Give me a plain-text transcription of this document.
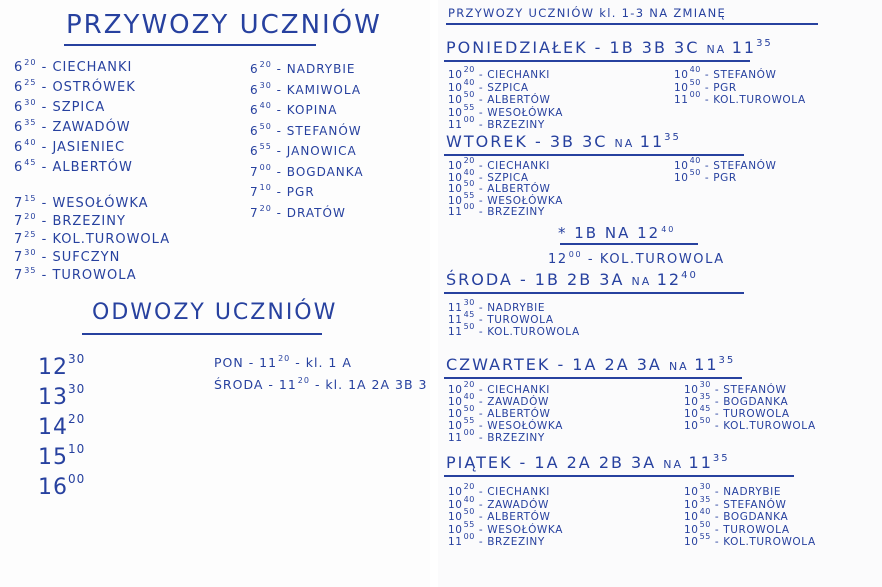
PRZYWOZY UCZNIÓW
$6^{20}$ - CIECHANKI
$6^{25}$ - OSTRÓWEK
$6^{30}$ - SZPICA
$6^{35}$ - ZAWADÓW
$6^{40}$ - JASIENIEC
$6^{45}$ - ALBERTÓW
$7^{15}$ - WESOŁÓWKA
$7^{20}$ - BRZEZINY
$7^{25}$ - KOL.TUROWOLA
$7^{30}$ - SUFCZYN
$7^{35}$ - TUROWOLA
$6^{20}$ - NADRYBIE
$6^{30}$ - KAMIWOLA
$6^{40}$ - KOPINA
$6^{50}$ - STEFANÓW
$6^{55}$ - JANOWICA
$7^{00}$ - BOGDANKA
$7^{10}$ - PGR
$7^{20}$ - DRATÓW
ODWOZY UCZNIÓW
$12^{30}$
$13^{30}$
$14^{20}$
$15^{10}$
$16^{00}$
PON - $11^{20}$ - kl. 1 A
ŚRODA - $11^{20}$ - kl. 1A 2A 3B 3
PRZYWOZY UCZNIÓW kl. 1-3 NA ZMIANĘ
PONIEDZIAŁEK - 1B 3B 3C NA $11^{35}$
$10^{20}$ - CIECHANKI
$10^{40}$ - SZPICA
$10^{50}$ - ALBERTÓW
$10^{55}$ - WESOŁÓWKA
$11^{00}$ - BRZEZINY
$10^{40}$ - STEFANÓW
$10^{50}$ - PGR
$11^{00}$ - KOL.TUROWOLA
WTOREK - 3B 3C NA $11^{35}$
$10^{20}$ - CIECHANKI
$10^{40}$ - SZPICA
$10^{50}$ - ALBERTÓW
$10^{55}$ - WESOŁÓWKA
$11^{00}$ - BRZEZINY
$10^{40}$ - STEFANÓW
$10^{50}$ - PGR
ŚRODA - 1B 2B 3A NA $12^{40}$
$11^{30}$ - NADRYBIE
$11^{45}$ - TUROWOLA
$11^{50}$ - KOL.TUROWOLA
CZWARTEK - 1A 2A 3A NA $11^{35}$
$10^{20}$ - CIECHANKI
$10^{40}$ - ZAWADÓW
$10^{50}$ - ALBERTÓW
$10^{55}$ - WESOŁÓWKA
$11^{00}$ - BRZEZINY
$10^{30}$ - STEFANÓW
$10^{35}$ - BOGDANKA
$10^{45}$ - TUROWOLA
$10^{50}$ - KOL.TUROWOLA
PIĄTEK - 1A 2A 2B 3A NA $11^{35}$
$10^{20}$ - CIECHANKI
$10^{40}$ - ZAWADÓW
$10^{50}$ - ALBERTÓW
$10^{55}$ - WESOŁÓWKA
$11^{00}$ - BRZEZINY
$10^{30}$ - NADRYBIE
$10^{35}$ - STEFANÓW
$10^{40}$ - BOGDANKA
$10^{50}$ - TUROWOLA
$10^{55}$ - KOL.TUROWOLA
* 1B NA $12^{40}$
$12^{00}$ - KOL.TUROWOLA
